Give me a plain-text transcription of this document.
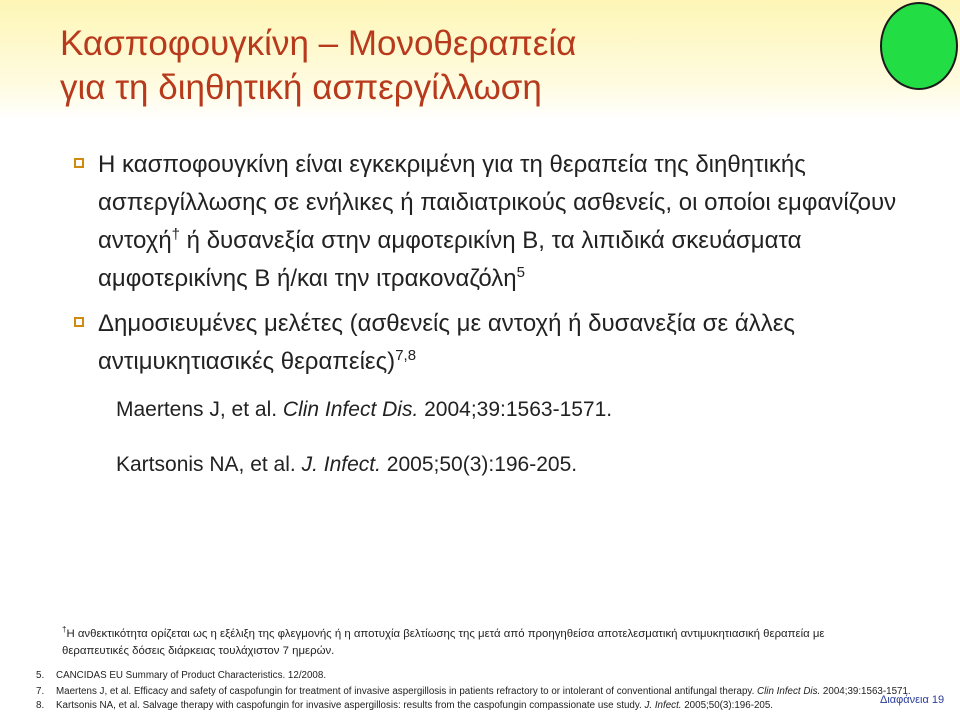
Κασποφουγκίνη – Μονοθεραπεία
για τη διηθητική ασπεργίλλωση
Η κασποφουγκίνη είναι εγκεκριμένη για τη θεραπεία της διηθητικής ασπεργίλλωσης σε ενήλικες ή παιδιατρικούς ασθενείς, οι οποίοι εμφανίζουν αντοχή† ή δυσανεξία στην αμφοτερικίνη B, τα λιπιδικά σκευάσματα αμφοτερικίνης B ή/και την ιτρακοναζόλη$^5$
Δημοσιευμένες μελέτες (ασθενείς με αντοχή ή δυσανεξία σε άλλες αντιμυκητιασικές θεραπείες)$^{7,8}$
Maertens J, et al. Clin Infect Dis. 2004;39:1563-1571.
Kartsonis NA, et al. J. Infect. 2005;50(3):196-205.
†Η ανθεκτικότητα ορίζεται ως η εξέλιξη της φλεγμονής ή η αποτυχία βελτίωσης της μετά από προηγηθείσα αποτελεσματική αντιμυκητιασική θεραπεία με θεραπευτικές δόσεις διάρκειας τουλάχιστον 7 ημερών.
5. CANCIDAS EU Summary of Product Characteristics. 12/2008.
7. Maertens J, et al. Efficacy and safety of caspofungin for treatment of invasive aspergillosis in patients refractory to or intolerant of conventional antifungal therapy. Clin Infect Dis. 2004;39:1563-1571.
8. Kartsonis NA, et al. Salvage therapy with caspofungin for invasive aspergillosis: results from the caspofungin compassionate use study. J. Infect. 2005;50(3):196-205.	Διαφάνεια 19
